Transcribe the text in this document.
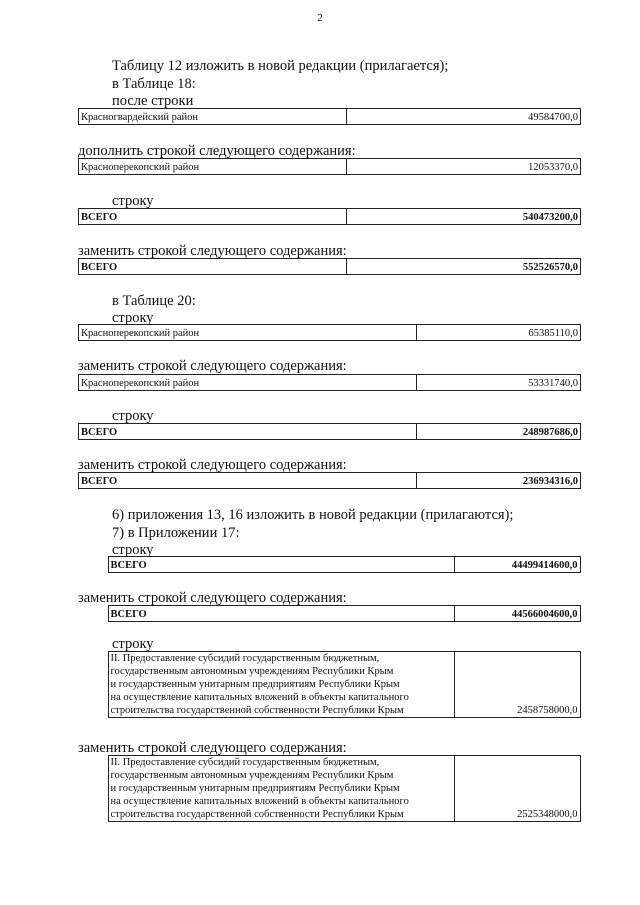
2
Таблицу 12 изложить в новой редакции (прилагается);
в Таблице 18:
после строки
Красногвардейский район	49584700,0
дополнить строкой следующего содержания:
Красноперекопский район	12053370,0
строку
ВСЕГО	540473200,0
заменить строкой следующего содержания:
ВСЕГО	552526570,0
в Таблице 20:
строку
Красноперекопский район	65385110,0
заменить строкой следующего содержания:
Красноперекопский район	53331740,0
строку
ВСЕГО	248987686,0
заменить строкой следующего содержания:
ВСЕГО	236934316,0
6) приложения 13, 16 изложить в новой редакции (прилагаются);
7) в Приложении 17:
строку
	ВСЕГО	44499414600,0
заменить строкой следующего содержания:
	ВСЕГО	44566004600,0
строку

II. Предоставление субсидий государственным бюджетным,
государственным автономным учреждениям Республики Крым
и государственным унитарным предприятиям Республики Крым
на осуществление капитальных вложений в объекты капитального
строительства государственной собственности Республики Крым	2458758000,0
заменить строкой следующего содержания:

II. Предоставление субсидий государственным бюджетным,
государственным автономным учреждениям Республики Крым
и государственным унитарным предприятиям Республики Крым
на осуществление капитальных вложений в объекты капитального
строительства государственной собственности Республики Крым	2525348000,0
